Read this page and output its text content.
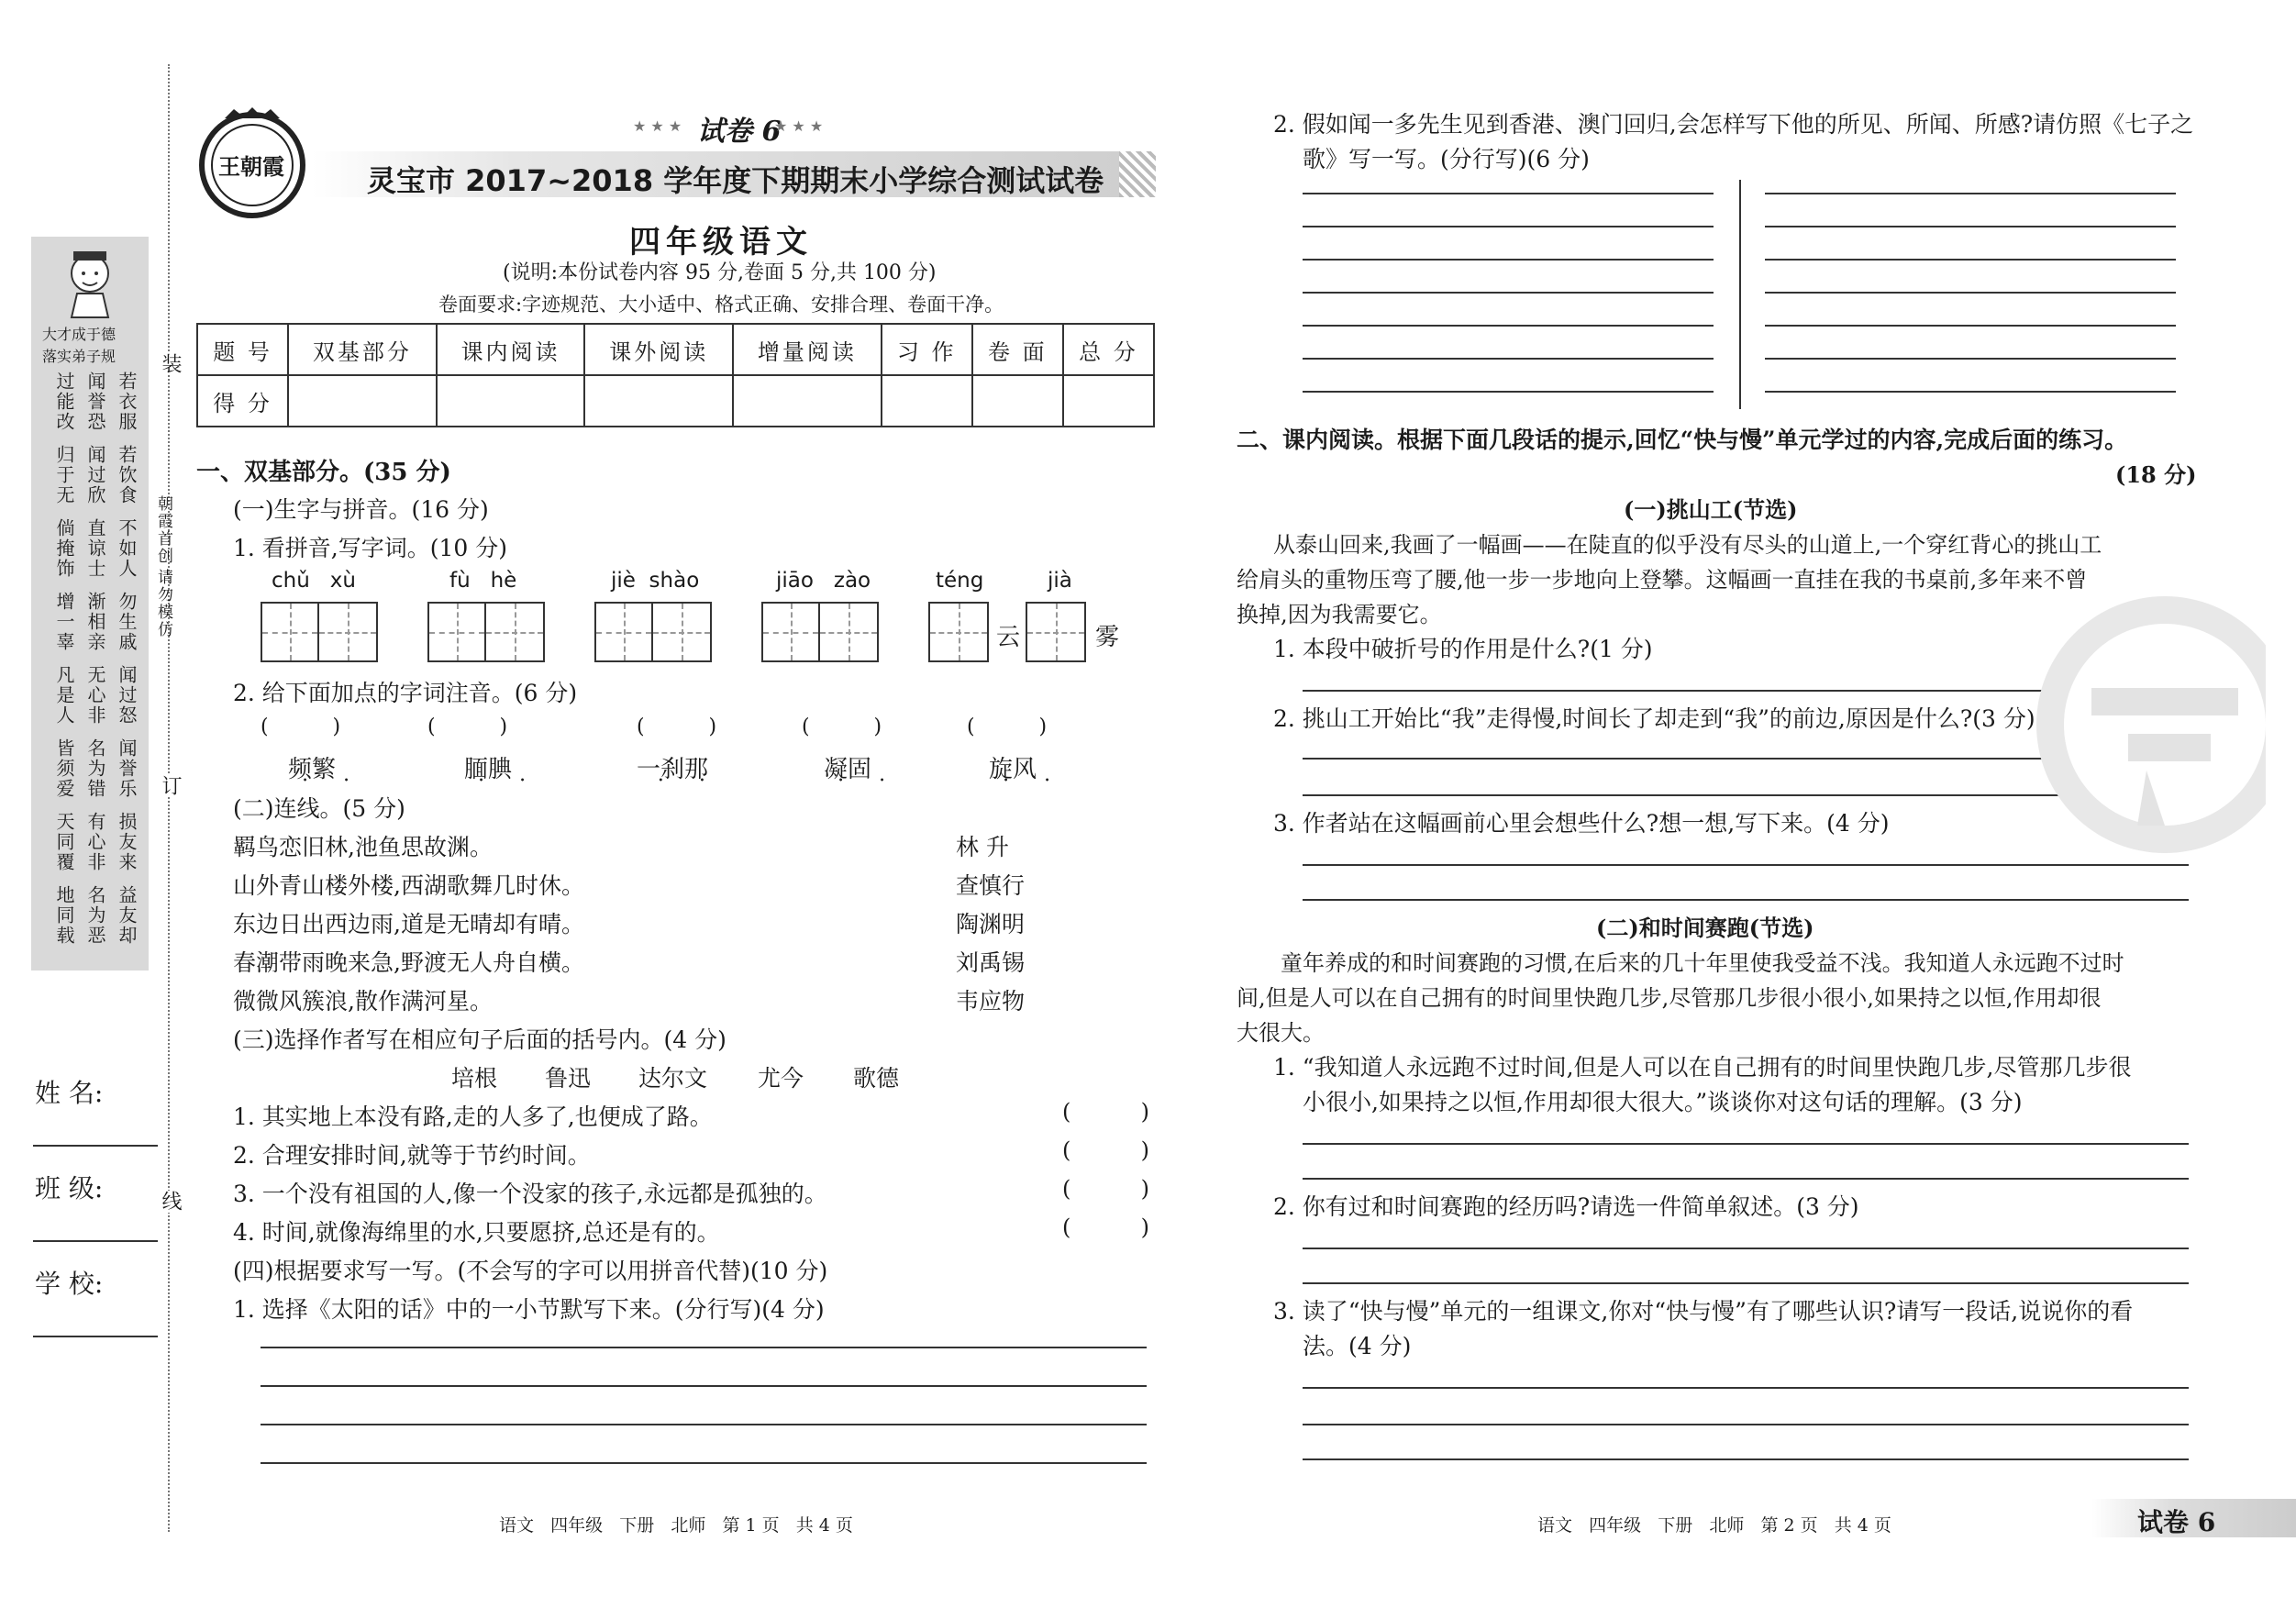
大才成于德
落实弟子规
过能改 闻誉恐 若衣服
归于无 闻过欣 若饮食
倘掩饰 直谅士 不如人
增一辜 渐相亲 勿生戚
凡是人 无心非 闻过怒
皆须爱 名为错 闻誉乐
天同覆 有心非 损友来
地同载 名为恶 益友却
装
订
线
朝霞首创
请勿模仿
姓 名:
班 级:
学 校:
王朝霞
试卷 6
★ ★ ★	★ ★ ★
灵宝市 2017~2018 学年度下期期末小学综合测试试卷
四年级语文
(说明:本份试卷内容 95 分,卷面 5 分,共 100 分)
卷面要求:字迹规范、大小适中、格式正确、安排合理、卷面干净。
题 号	双基部分	课内阅读	课外阅读	增量阅读	习 作	卷 面	总 分
得 分							
一、双基部分。(35 分)
(一)生字与拼音。(16 分)
1. 看拼音,写字词。(10 分)
chǔ   xù	fù   hè	jiè  shào	jiāo   zào	téng	jià
云	雾
2. 给下面加点的字词注音。(6 分)
(          )	(          )	(          )	(          )	(          )
频繁 • •	腼腆 • •	一刹那 • •	凝固 • •	旋风 • •
(二)连线。(5 分)
羁鸟恋旧林,池鱼思故渊。
山外青山楼外楼,西湖歌舞几时休。
东边日出西边雨,道是无晴却有晴。
春潮带雨晚来急,野渡无人舟自横。
微微风簇浪,散作满河星。
林 升
查慎行
陶渊明
刘禹锡
韦应物
(三)选择作者写在相应句子后面的括号内。(4 分)
培根 鲁迅 达尔文 尤今 歌德
1. 其实地上本没有路,走的人多了,也便成了路。
2. 合理安排时间,就等于节约时间。
3. 一个没有祖国的人,像一个没家的孩子,永远都是孤独的。
4. 时间,就像海绵里的水,只要愿挤,总还是有的。
(          )
(          )
(          )
(          )
(四)根据要求写一写。(不会写的字可以用拼音代替)(10 分)
1. 选择《太阳的话》中的一小节默写下来。(分行写)(4 分)
语文   四年级   下册   北师   第 1 页   共 4 页
2. 假如闻一多先生见到香港、澳门回归,会怎样写下他的所见、所闻、所感?请仿照《七子之
歌》写一写。(分行写)(6 分)
二、课内阅读。根据下面几段话的提示,回忆“快与慢”单元学过的内容,完成后面的练习。
(18 分)
(一)挑山工(节选)
从泰山回来,我画了一幅画——在陡直的似乎没有尽头的山道上,一个穿红背心的挑山工
给肩头的重物压弯了腰,他一步一步地向上登攀。这幅画一直挂在我的书桌前,多年来不曾
换掉,因为我需要它。
1. 本段中破折号的作用是什么?(1 分)
2. 挑山工开始比“我”走得慢,时间长了却走到“我”的前边,原因是什么?(3 分)
3. 作者站在这幅画前心里会想些什么?想一想,写下来。(4 分)
(二)和时间赛跑(节选)
童年养成的和时间赛跑的习惯,在后来的几十年里使我受益不浅。我知道人永远跑不过时
间,但是人可以在自己拥有的时间里快跑几步,尽管那几步很小很小,如果持之以恒,作用却很
大很大。
1. “我知道人永远跑不过时间,但是人可以在自己拥有的时间里快跑几步,尽管那几步很
小很小,如果持之以恒,作用却很大很大。”谈谈你对这句话的理解。(3 分)
2. 你有过和时间赛跑的经历吗?请选一件简单叙述。(3 分)
3. 读了“快与慢”单元的一组课文,你对“快与慢”有了哪些认识?请写一段话,说说你的看
法。(4 分)
语文   四年级   下册   北师   第 2 页   共 4 页	试卷 6
